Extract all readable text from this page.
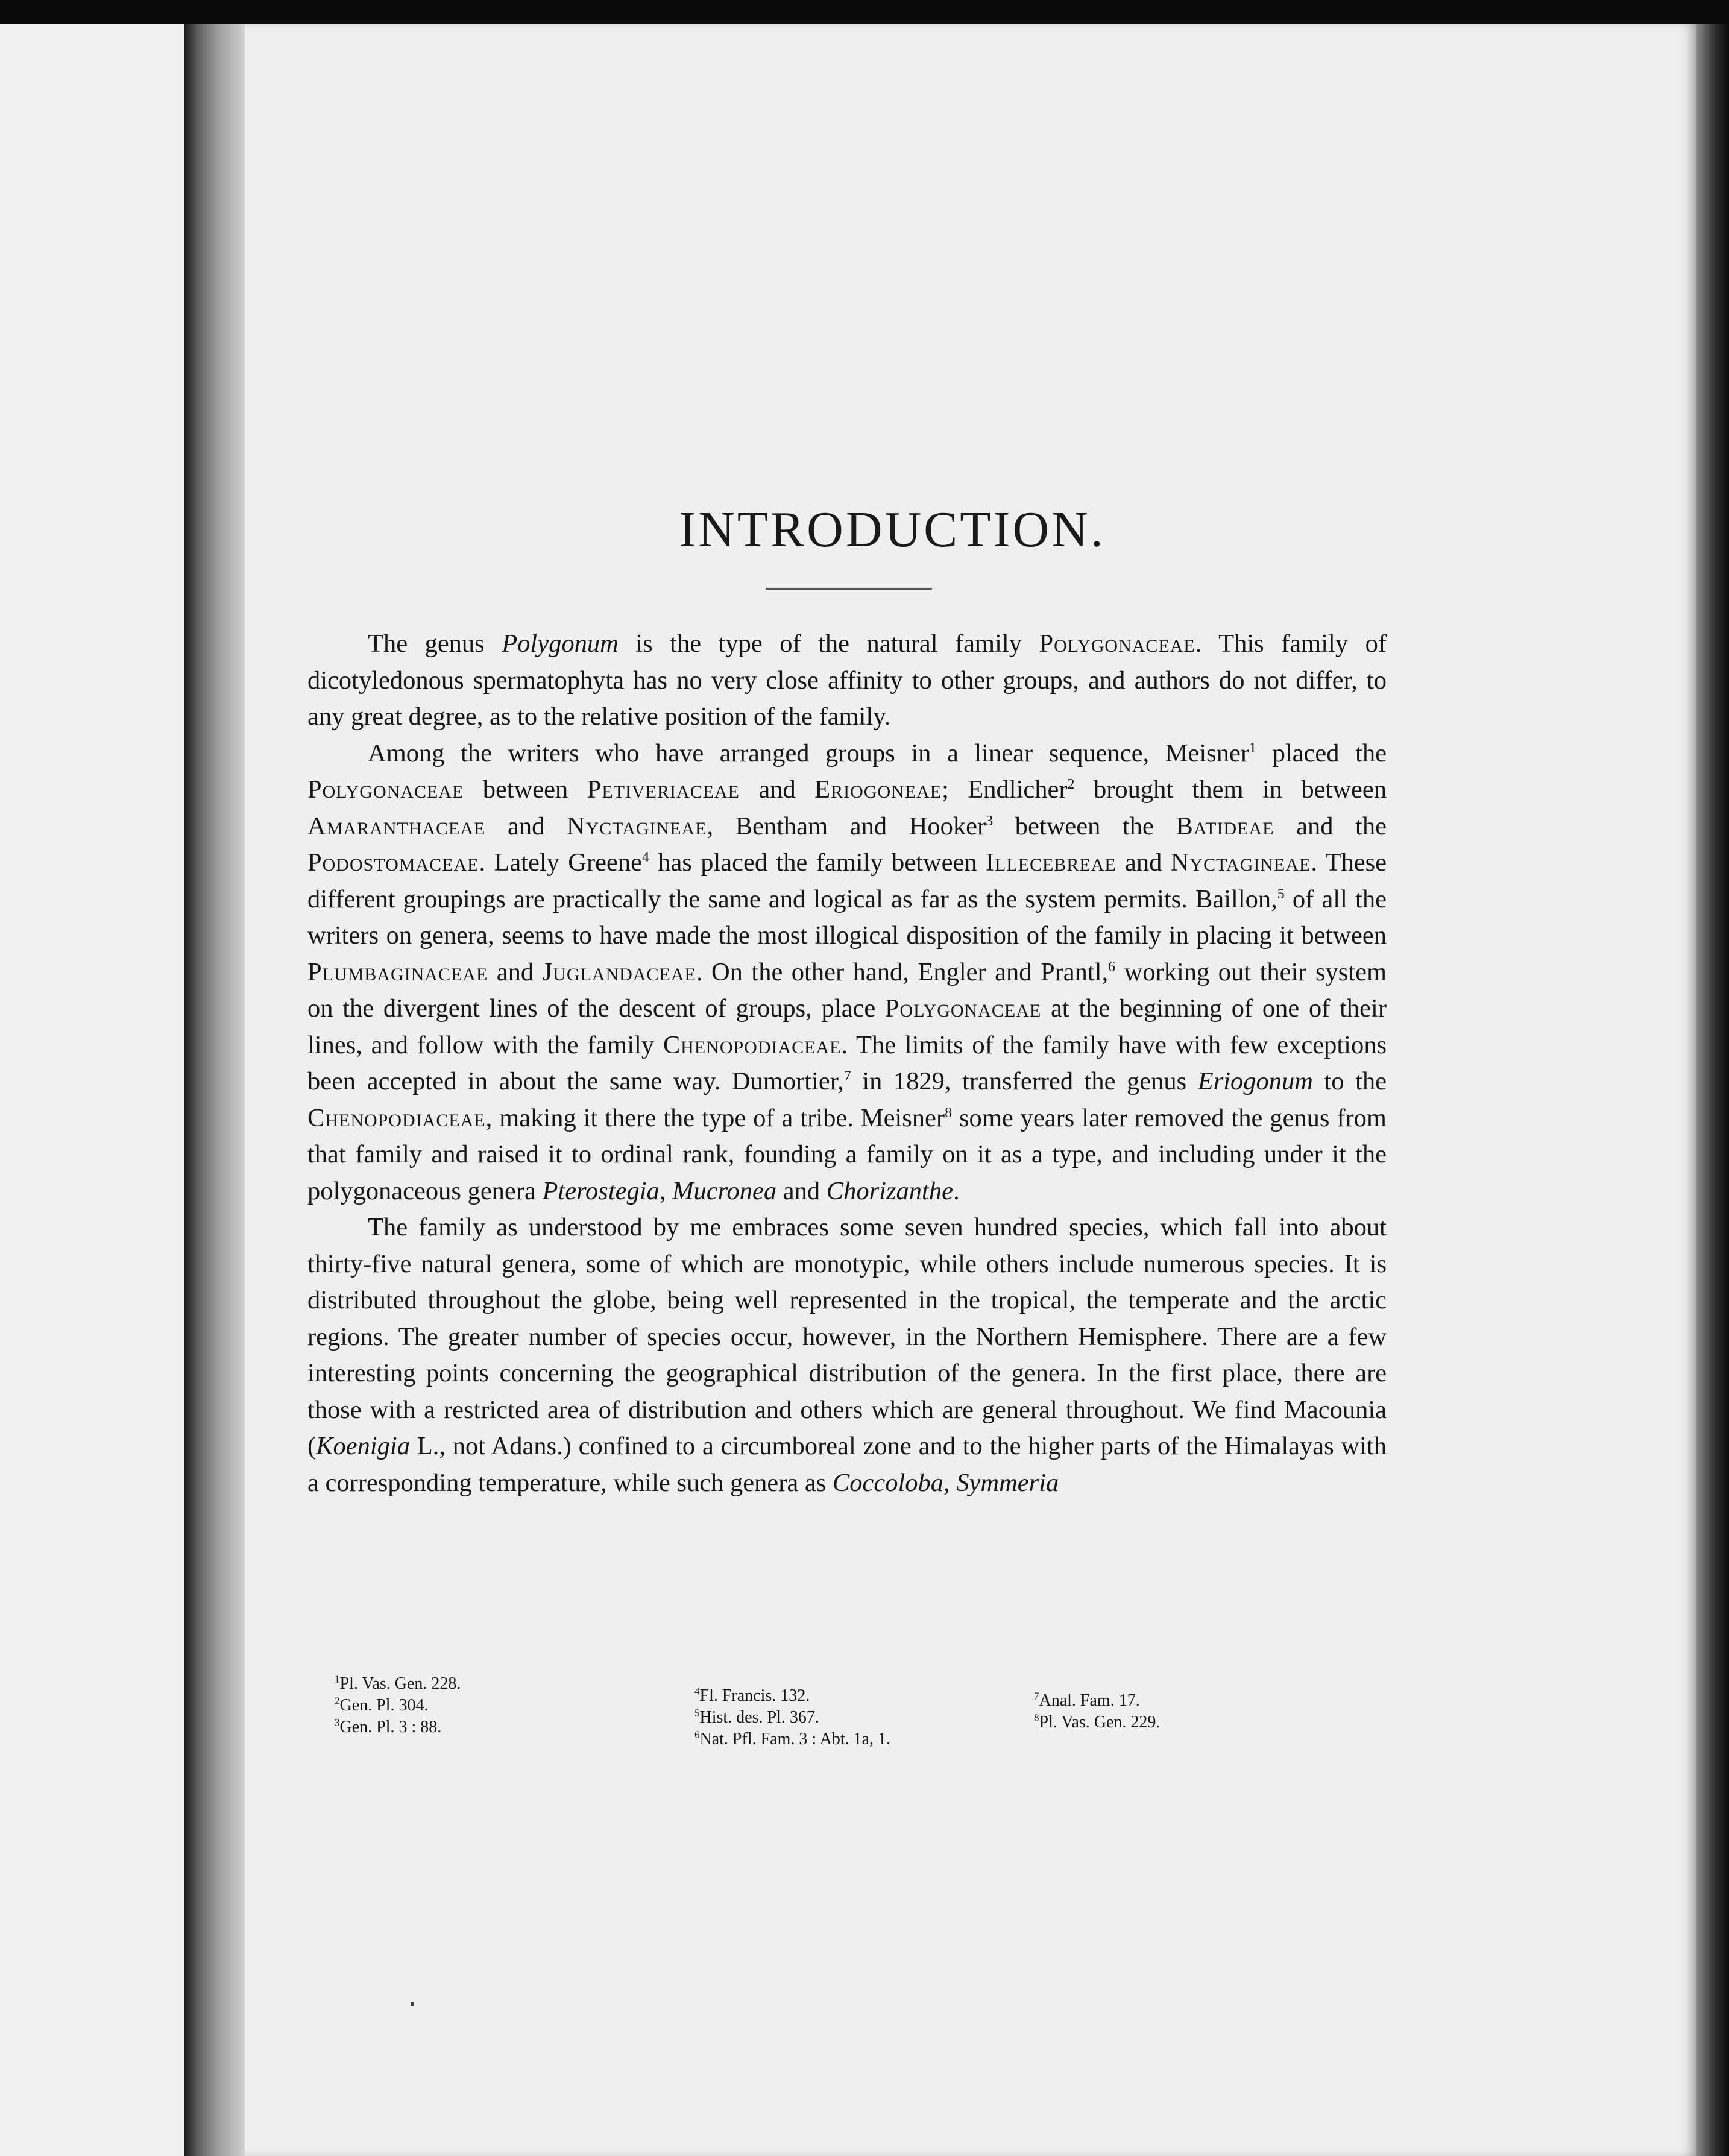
INTRODUCTION.

The genus Polygonum is the type of the natural family Polygonaceae. This family of dicotyledonous spermatophyta has no very close affinity to other groups, and authors do not differ, to any great degree, as to the relative position of the family.

Among the writers who have arranged groups in a linear sequence, Meisner$^1$ placed the Polygonaceae between Petiveriaceae and Eriogoneae; Endlicher$^2$ brought them in between Amaranthaceae and Nyctagineae, Bentham and Hooker$^3$ between the Batideae and the Podostomaceae. Lately Greene$^4$ has placed the family between Illecebreae and Nyctagineae. These different groupings are practically the same and logical as far as the system permits. Baillon,$^5$ of all the writers on genera, seems to have made the most illogical disposition of the family in placing it between Plumbaginaceae and Juglandaceae. On the other hand, Engler and Prantl,$^6$ working out their system on the divergent lines of the descent of groups, place Polygonaceae at the beginning of one of their lines, and follow with the family Chenopodiaceae. The limits of the family have with few exceptions been accepted in about the same way. Dumortier,$^7$ in 1829, transferred the genus Eriogonum to the Chenopodiaceae, making it there the type of a tribe. Meisner$^8$ some years later removed the genus from that family and raised it to ordinal rank, founding a family on it as a type, and including under it the polygonaceous genera Pterostegia, Mucronea and Chorizanthe.

The family as understood by me embraces some seven hundred species, which fall into about thirty-five natural genera, some of which are monotypic, while others include numerous species. It is distributed throughout the globe, being well represented in the tropical, the temperate and the arctic regions. The greater number of species occur, however, in the Northern Hemisphere. There are a few interesting points concerning the geographical distribution of the genera. In the first place, there are those with a restricted area of distribution and others which are general throughout. We find Macounia (Koenigia L., not Adans.) confined to a circumboreal zone and to the higher parts of the Himalayas with a corresponding temperature, while such genera as Coccoloba, Symmeria

$^1$Pl. Vas. Gen. 228.
$^2$Gen. Pl. 304.
$^3$Gen. Pl. 3 : 88.
$^4$Fl. Francis. 132.
$^5$Hist. des. Pl. 367.
$^6$Nat. Pfl. Fam. 3 : Abt. 1a, 1.
$^7$Anal. Fam. 17.
$^8$Pl. Vas. Gen. 229.
